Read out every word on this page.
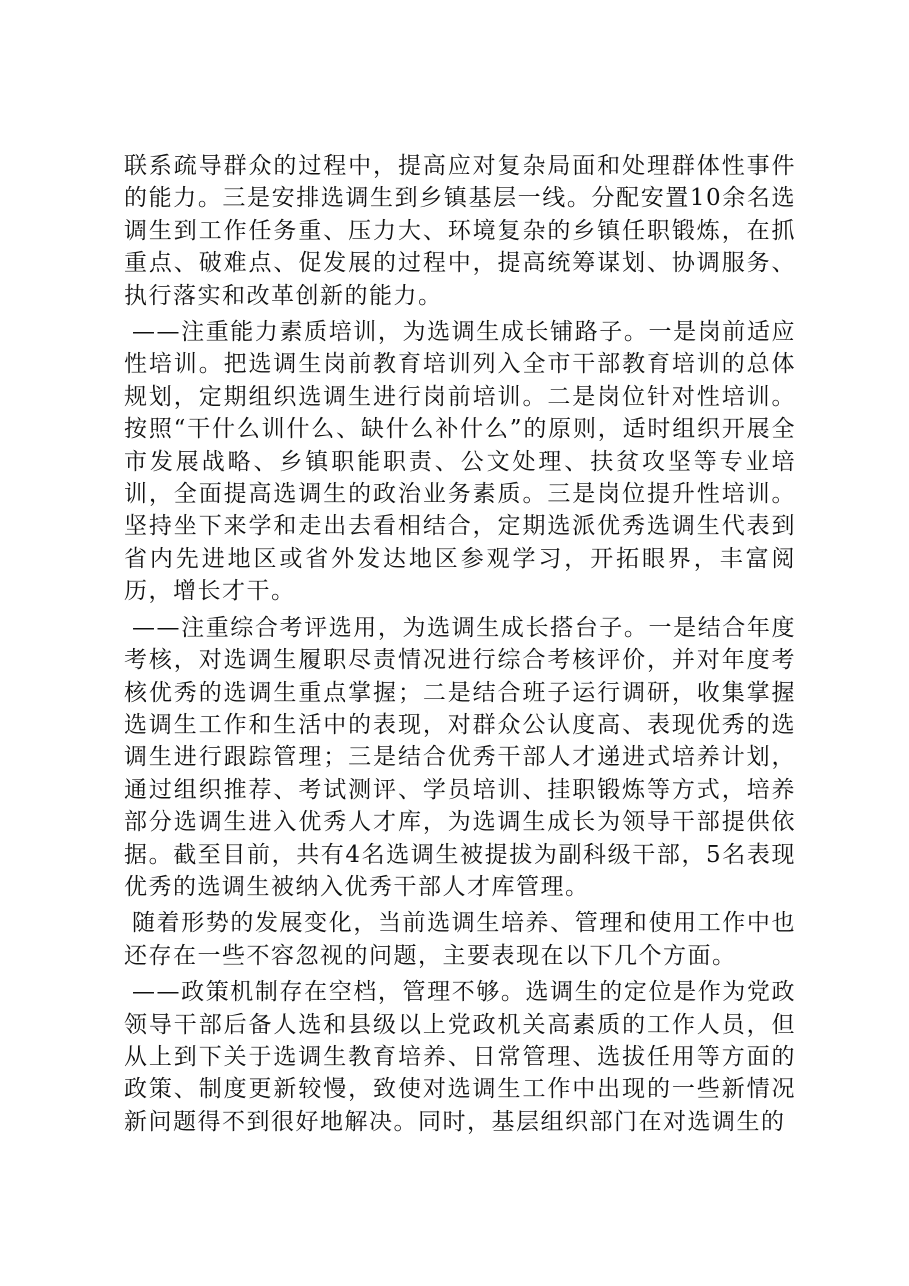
联系疏导群众的过程中，提高应对复杂局面和处理群体性事件的能力。三是安排选调生到乡镇基层一线。分配安置10余名选调生到工作任务重、压力大、环境复杂的乡镇任职锻炼，在抓重点、破难点、促发展的过程中，提高统筹谋划、协调服务、执行落实和改革创新的能力。

——注重能力素质培训，为选调生成长铺路子。一是岗前适应性培训。把选调生岗前教育培训列入全市干部教育培训的总体规划，定期组织选调生进行岗前培训。二是岗位针对性培训。按照“干什么训什么、缺什么补什么”的原则，适时组织开展全市发展战略、乡镇职能职责、公文处理、扶贫攻坚等专业培训，全面提高选调生的政治业务素质。三是岗位提升性培训。坚持坐下来学和走出去看相结合，定期选派优秀选调生代表到省内先进地区或省外发达地区参观学习，开拓眼界，丰富阅历，增长才干。

——注重综合考评选用，为选调生成长搭台子。一是结合年度考核，对选调生履职尽责情况进行综合考核评价，并对年度考核优秀的选调生重点掌握；二是结合班子运行调研，收集掌握选调生工作和生活中的表现，对群众公认度高、表现优秀的选调生进行跟踪管理；三是结合优秀干部人才递进式培养计划，通过组织推荐、考试测评、学员培训、挂职锻炼等方式，培养部分选调生进入优秀人才库，为选调生成长为领导干部提供依据。截至目前，共有4名选调生被提拔为副科级干部，5名表现优秀的选调生被纳入优秀干部人才库管理。

随着形势的发展变化，当前选调生培养、管理和使用工作中也还存在一些不容忽视的问题，主要表现在以下几个方面。

——政策机制存在空档，管理不够。选调生的定位是作为党政领导干部后备人选和县级以上党政机关高素质的工作人员，但从上到下关于选调生教育培养、日常管理、选拔任用等方面的政策、制度更新较慢，致使对选调生工作中出现的一些新情况新问题得不到很好地解决。同时，基层组织部门在对选调生的
